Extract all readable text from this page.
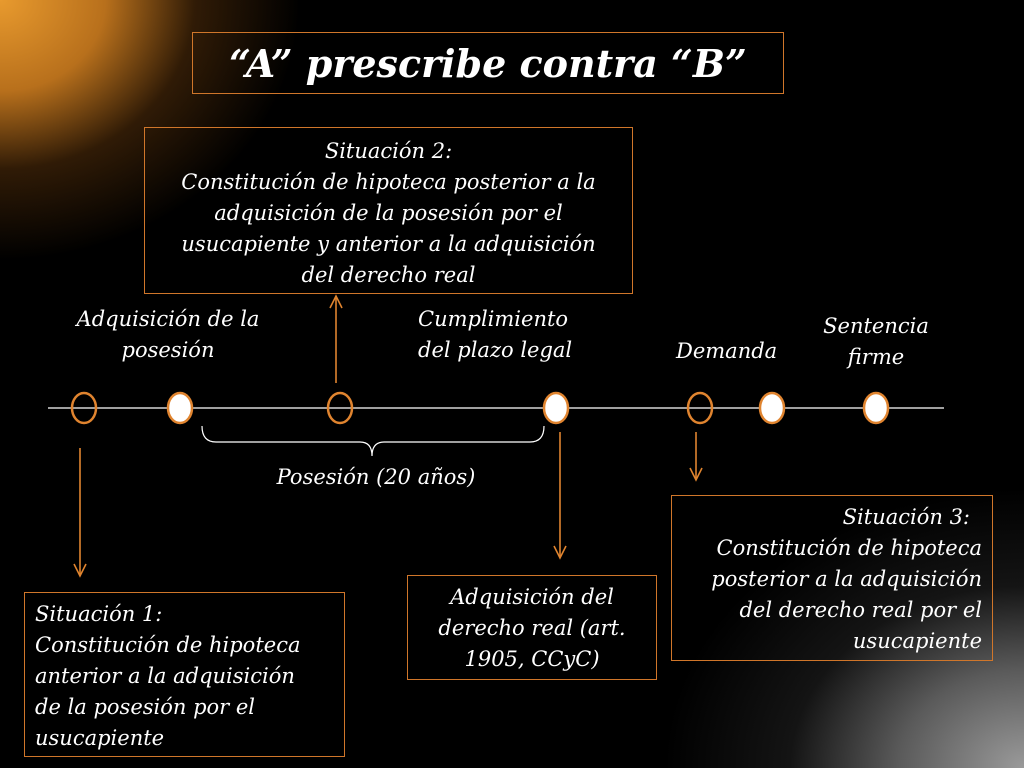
“A” prescribe contra “B”
Situación 2:
Constitución de hipoteca posterior a la
adquisición de la posesión por el
usucapiente y anterior a la adquisición
del derecho real
Adquisición de la
posesión
Cumplimiento
del plazo legal	Demanda
Sentencia
firme
Posesión (20 años)
Situación 1:
Constitución de hipoteca
anterior a la adquisición
de la posesión por el
usucapiente
Adquisición del
derecho real (art.
1905, CCyC)
Situación 3:
Constitución de hipoteca
posterior a la adquisición
del derecho real por el
usucapiente
